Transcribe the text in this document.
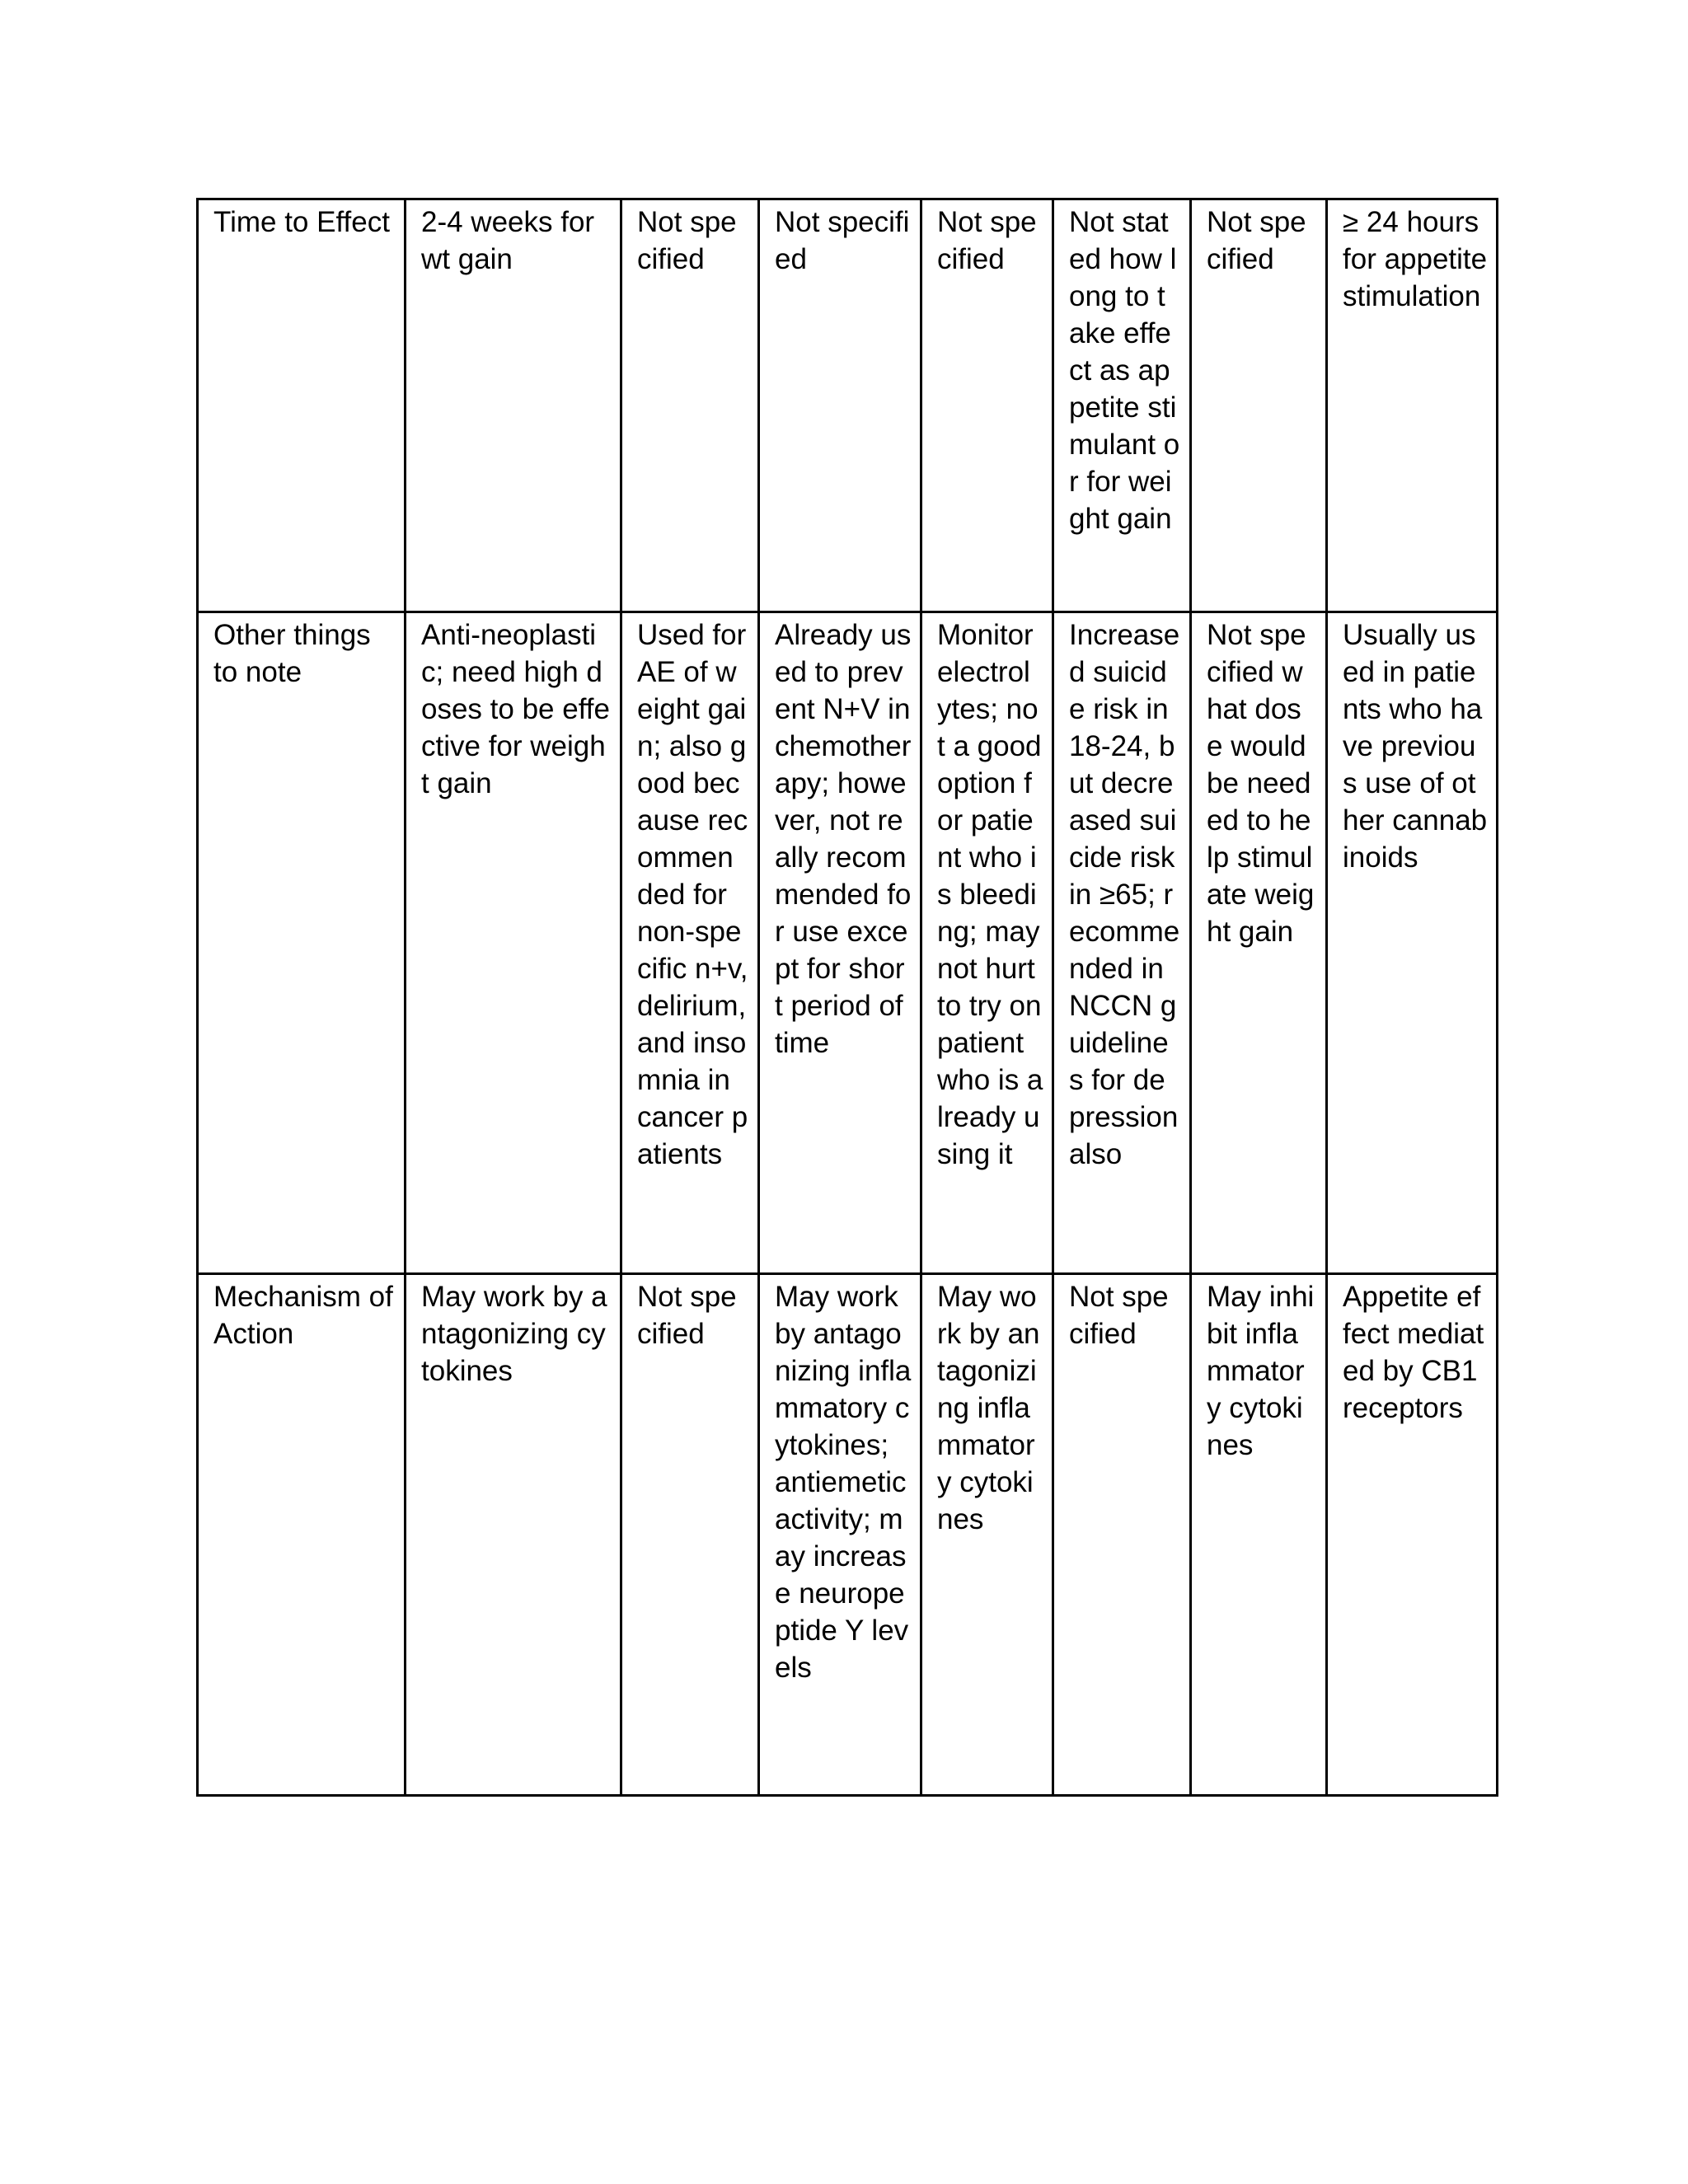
Time to Effect	2-4 weeks for wt gain	Not specified	Not specified	Not specified	Not stated how long to take effect as appetite stimulant or for weight gain	Not specified	≥ 24 hours for appetite stimulation
Other things to note	Anti-neoplastic; need high doses to be effective for weight gain	Used for AE of weight gain; also good because recommended for non-specific n+v, delirium, and insomnia in cancer patients	Already used to prevent N+V in chemotherapy; however, not really recommended for use except for short period of time	Monitor electrolytes; not a good option for patient who is bleeding; may not hurt to try on patient who is already using it	Increased suicide risk in 18-24, but decreased suicide risk in ≥65; recommended in NCCN guidelines for depression also	Not specified what dose would be needed to help stimulate weight gain	Usually used in patients who have previous use of other cannabinoids
Mechanism of Action	May work by antagonizing cytokines	Not specified	May work by antagonizing inflammatory cytokines; antiemetic activity; may increase neuropeptide Y levels	May work by antagonizing inflammatory cytokines	Not specified	May inhibit inflammatory cytokines	Appetite effect mediated by CB1 receptors
